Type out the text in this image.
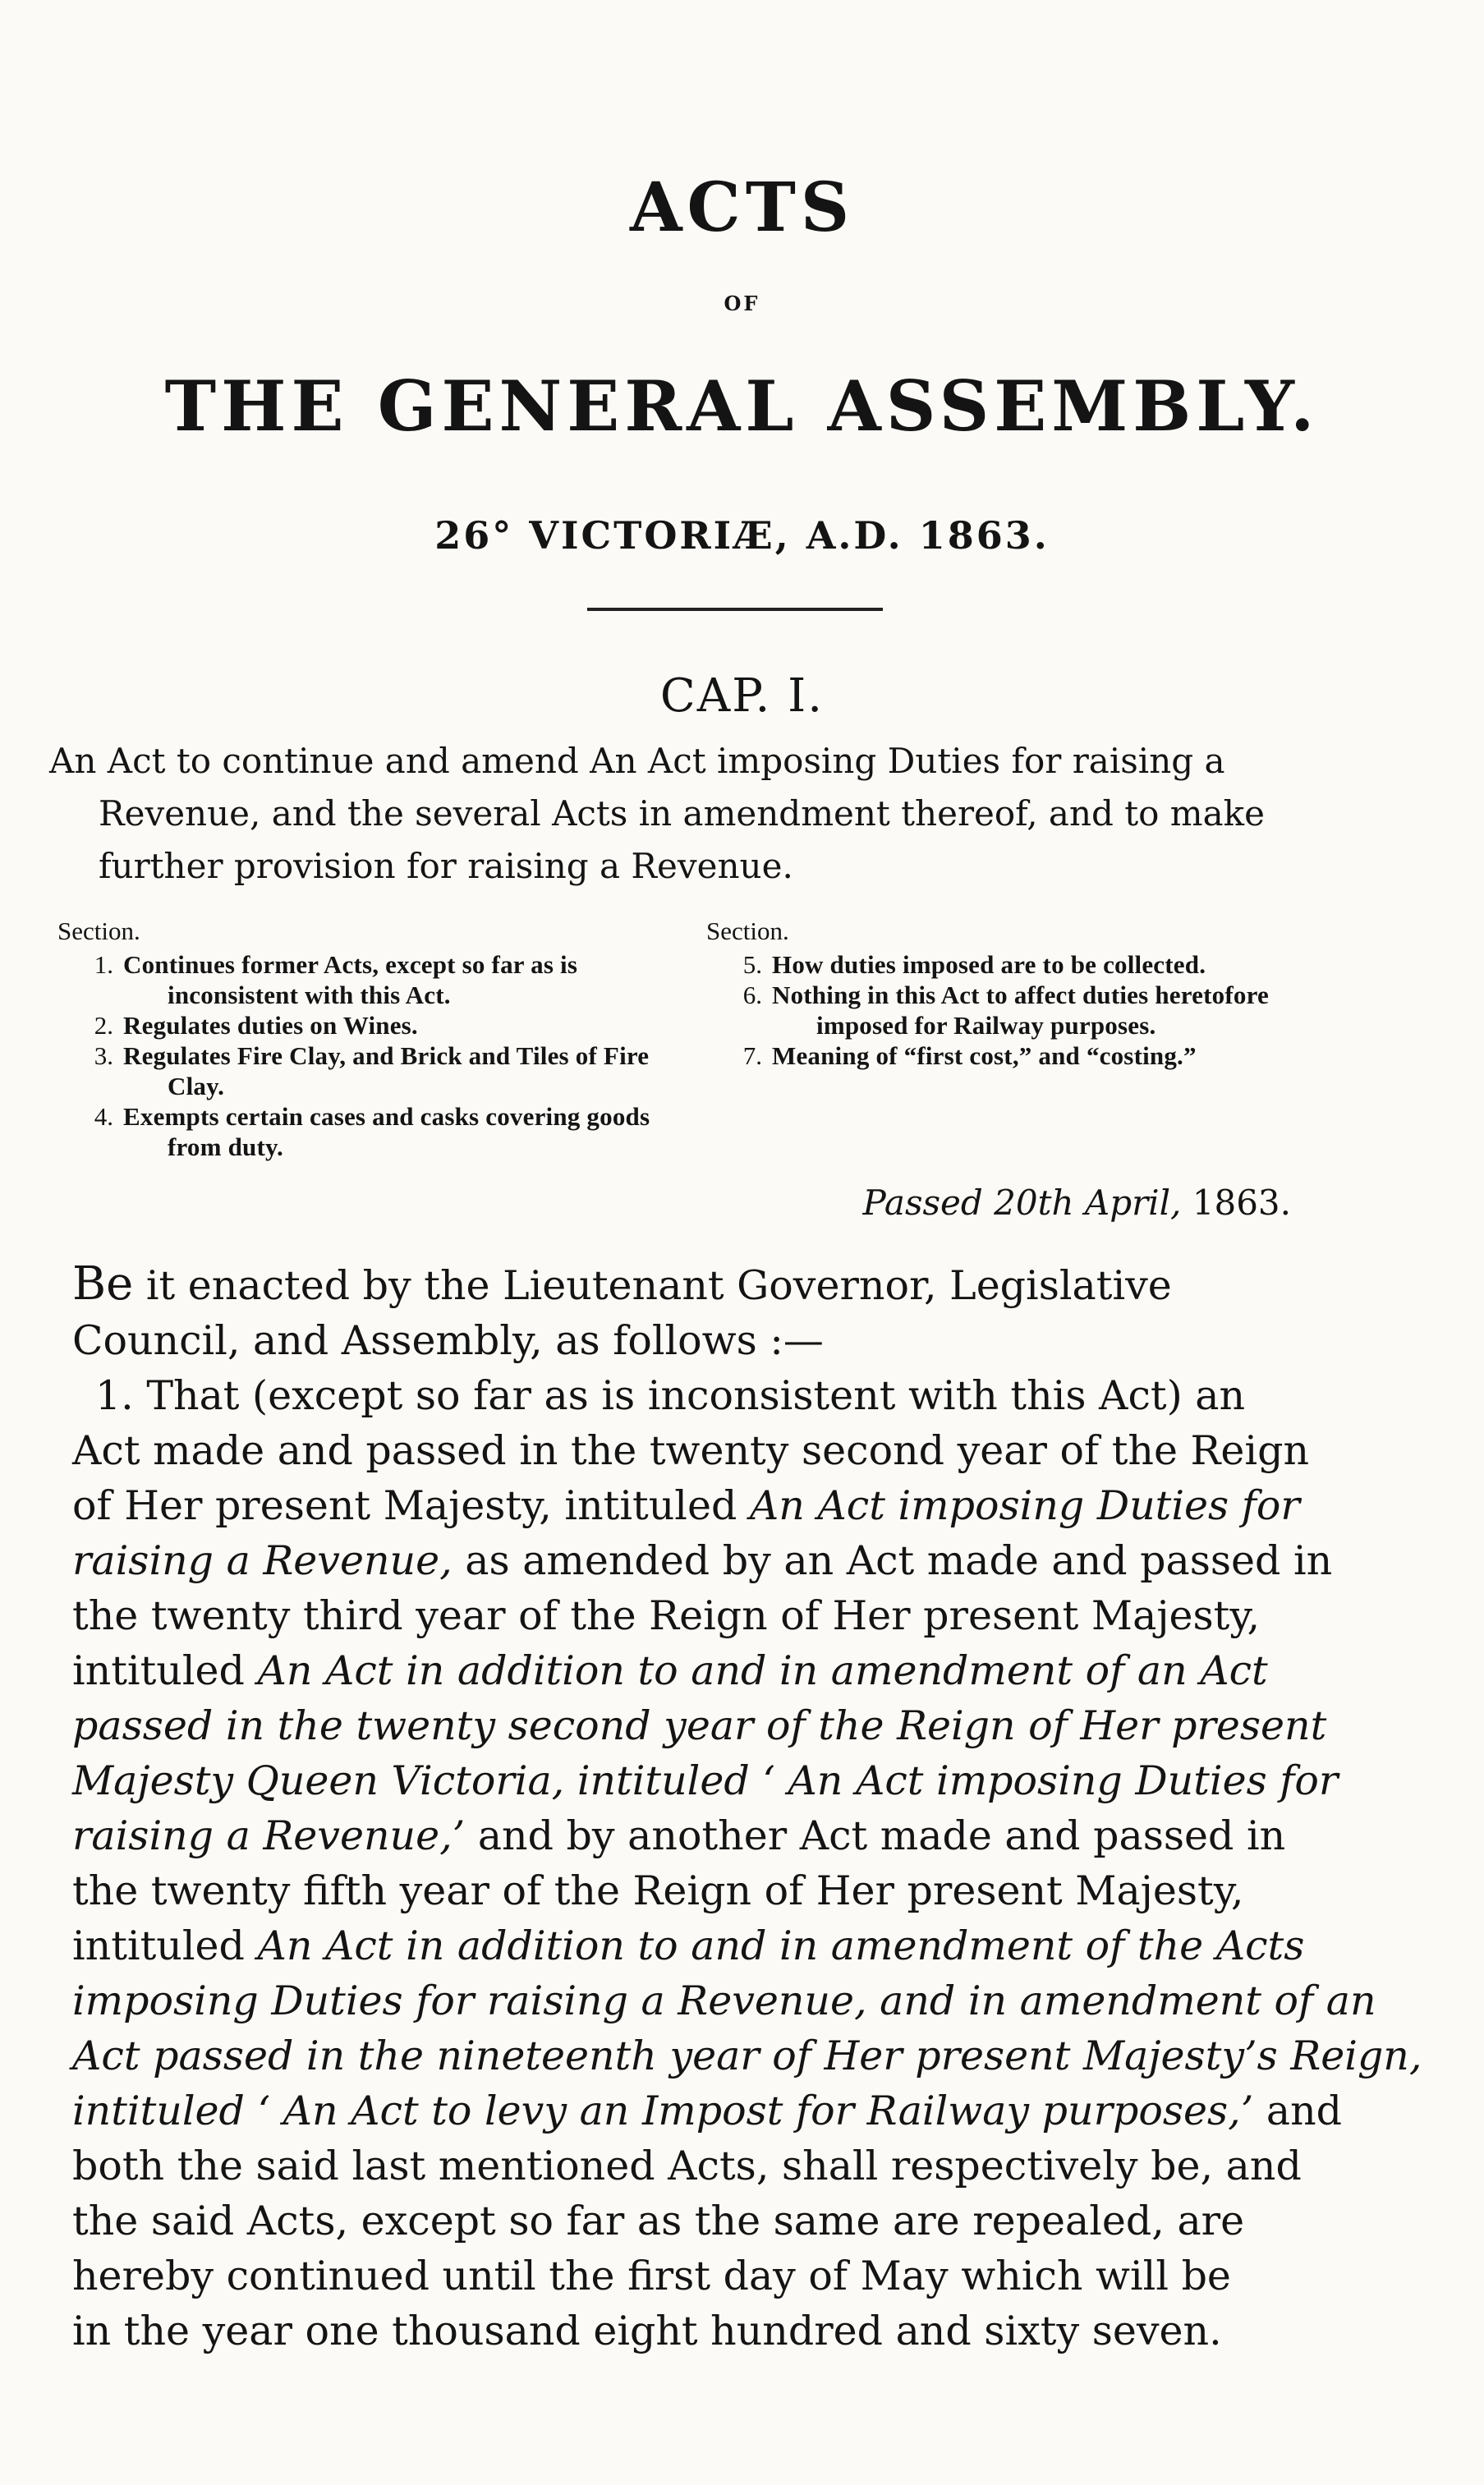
ACTS
OF
THE GENERAL ASSEMBLY.
26° VICTORIÆ, A.D. 1863.
CAP. I.
An Act to continue and amend An Act imposing Duties for raising a
Revenue, and the several Acts in amendment thereof, and to make
further provision for raising a Revenue.
Section.
1. Continues former Acts, except so far as is inconsistent with this Act.
2. Regulates duties on Wines.
3. Regulates Fire Clay, and Brick and Tiles of Fire Clay.
4. Exempts certain cases and casks covering goods from duty.
Section.
5. How duties imposed are to be collected.
6. Nothing in this Act to affect duties heretofore imposed for Railway purposes.
7. Meaning of “first cost,” and “costing.”
Passed 20th April, 1863.
Be it enacted by the Lieutenant Governor, Legislative
Council, and Assembly, as follows :—
1. That (except so far as is inconsistent with this Act) an
Act made and passed in the twenty second year of the Reign
of Her present Majesty, intituled An Act imposing Duties for
raising a Revenue, as amended by an Act made and passed in
the twenty third year of the Reign of Her present Majesty,
intituled An Act in addition to and in amendment of an Act
passed in the twenty second year of the Reign of Her present
Majesty Queen Victoria, intituled ‘ An Act imposing Duties for
raising a Revenue,’ and by another Act made and passed in
the twenty fifth year of the Reign of Her present Majesty,
intituled An Act in addition to and in amendment of the Acts
imposing Duties for raising a Revenue, and in amendment of an
Act passed in the nineteenth year of Her present Majesty’s Reign,
intituled ‘ An Act to levy an Impost for Railway purposes,’ and
both the said last mentioned Acts, shall respectively be, and
the said Acts, except so far as the same are repealed, are
hereby continued until the first day of May which will be
in the year one thousand eight hundred and sixty seven.
